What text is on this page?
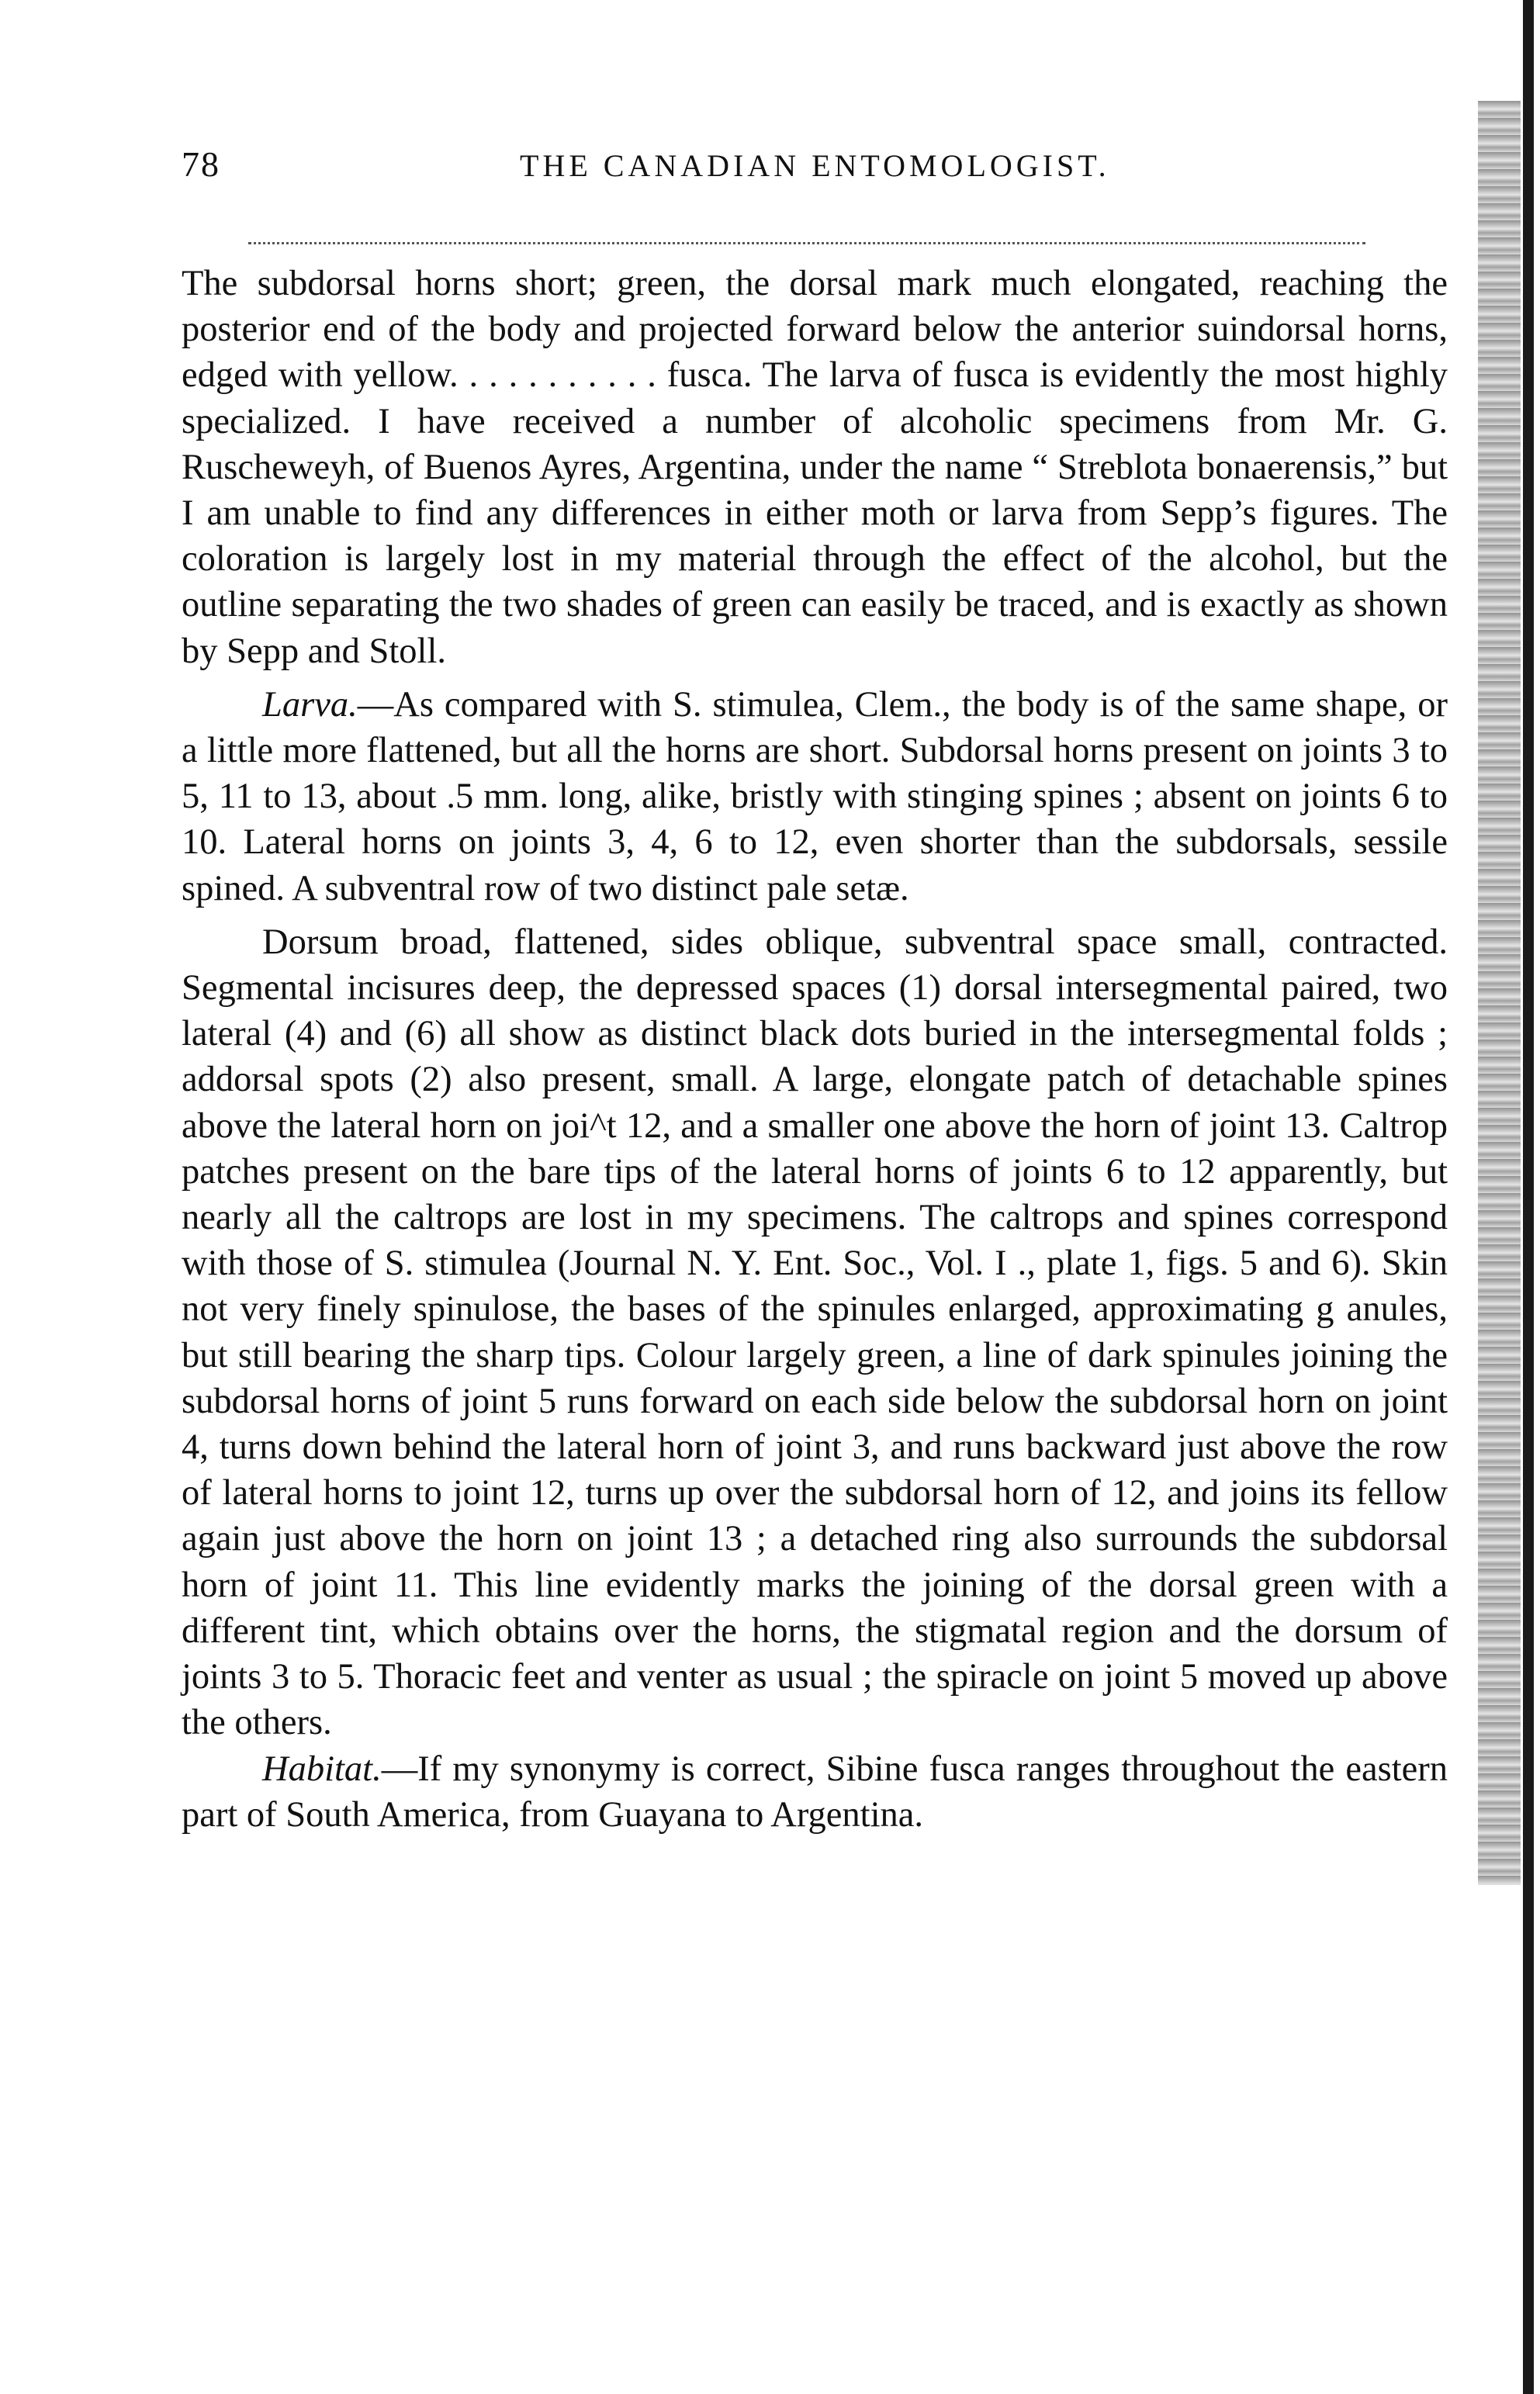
78	THE CANADIAN ENTOMOLOGIST.

The subdorsal horns short; green, the dorsal mark much elongated, reaching the posterior end of the body and projected forward below the anterior suindorsal horns, edged with yellow. . . . . . . . . . . fusca. The larva of fusca is evidently the most highly specialized. I have received a number of alcoholic specimens from Mr. G. Ruscheweyh, of Buenos Ayres, Argentina, under the name “ Streblota bonaerensis,” but I am unable to find any differences in either moth or larva from Sepp’s figures. The coloration is largely lost in my material through the effect of the alcohol, but the outline separating the two shades of green can easily be traced, and is exactly as shown by Sepp and Stoll.

Larva.—As compared with S. stimulea, Clem., the body is of the same shape, or a little more flattened, but all the horns are short. Subdorsal horns present on joints 3 to 5, 11 to 13, about .5 mm. long, alike, bristly with stinging spines ; absent on joints 6 to 10. Lateral horns on joints 3, 4, 6 to 12, even shorter than the subdorsals, sessile spined. A subventral row of two distinct pale setæ.

Dorsum broad, flattened, sides oblique, subventral space small, contracted. Segmental incisures deep, the depressed spaces (1) dorsal intersegmental paired, two lateral (4) and (6) all show as distinct black dots buried in the intersegmental folds ; addorsal spots (2) also present, small. A large, elongate patch of detachable spines above the lateral horn on joi^t 12, and a smaller one above the horn of joint 13. Caltrop patches present on the bare tips of the lateral horns of joints 6 to 12 apparently, but nearly all the caltrops are lost in my specimens. The caltrops and spines correspond with those of S. stimulea (Journal N. Y. Ent. Soc., Vol. I ., plate 1, figs. 5 and 6). Skin not very finely spinulose, the bases of the spinules enlarged, approximating g anules, but still bearing the sharp tips. Colour largely green, a line of dark spinules joining the subdorsal horns of joint 5 runs forward on each side below the subdorsal horn on joint 4, turns down behind the lateral horn of joint 3, and runs backward just above the row of lateral horns to joint 12, turns up over the subdorsal horn of 12, and joins its fellow again just above the horn on joint 13 ; a detached ring also surrounds the subdorsal horn of joint 11. This line evidently marks the joining of the dorsal green with a different tint, which obtains over the horns, the stigmatal region and the dorsum of joints 3 to 5. Thoracic feet and venter as usual ; the spiracle on joint 5 moved up above the others.

Habitat.—If my synonymy is correct, Sibine fusca ranges throughout the eastern part of South America, from Guayana to Argentina.
